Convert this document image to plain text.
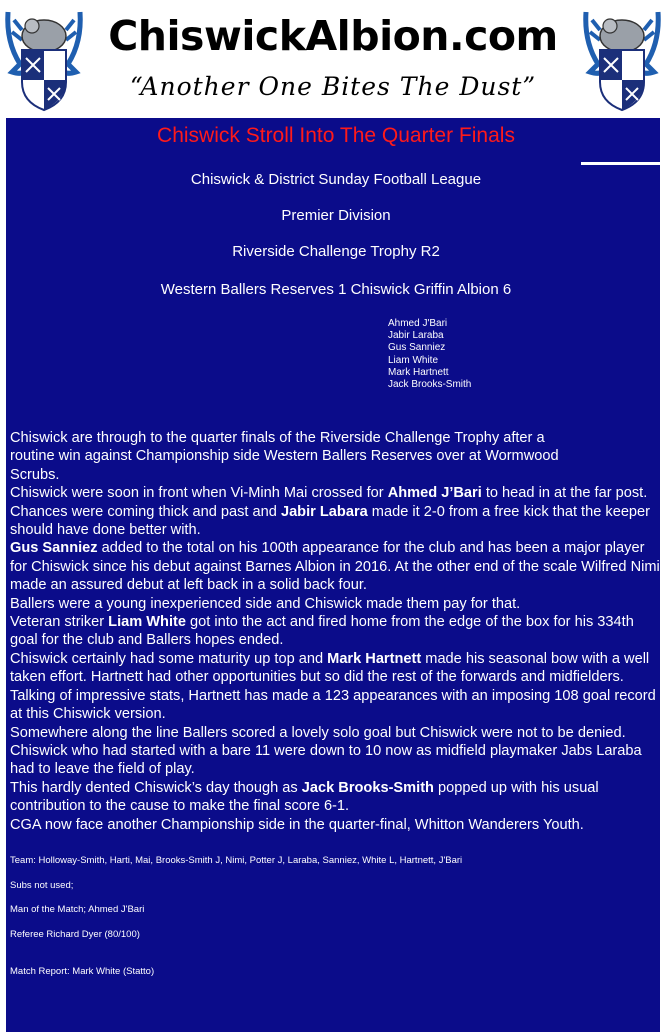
ChiswickAlbion.com
“Another One Bites The Dust”
Chiswick Stroll Into The Quarter Finals
Chiswick & District Sunday Football League
Premier Division
Riverside Challenge Trophy R2
Western Ballers Reserves 1 Chiswick Griffin Albion 6
Ahmed J'Bari
Jabir Laraba
Gus Sanniez
Liam White
Mark Hartnett
Jack Brooks-Smith

Chiswick are through to the quarter finals of the Riverside Challenge Trophy after a routine win against Championship side Western Ballers Reserves over at Wormwood Scrubs.

Chiswick were soon in front when Vi-Minh Mai crossed for Ahmed J’Bari to head in at the far post. Chances were coming thick and past and Jabir Labara made it 2-0 from a free kick that the keeper should have done better with.

Gus Sanniez added to the total on his 100th appearance for the club and has been a major player for Chiswick since his debut against Barnes Albion in 2016. At the other end of the scale Wilfred Nimi made an assured debut at left back in a solid back four.

Ballers were a young inexperienced side and Chiswick made them pay for that.

Veteran striker Liam White got into the act and fired home from the edge of the box for his 334th goal for the club and Ballers hopes ended.

Chiswick certainly had some maturity up top and Mark Hartnett made his seasonal bow with a well taken effort. Hartnett had other opportunities but so did the rest of the forwards and midfielders. Talking of impressive stats, Hartnett has made a 123 appearances with an imposing 108 goal record at this Chiswick version.

Somewhere along the line Ballers scored a lovely solo goal but Chiswick were not to be denied. Chiswick who had started with a bare 11 were down to 10 now as midfield playmaker Jabs Laraba had to leave the field of play.

This hardly dented Chiswick’s day though as Jack Brooks-Smith popped up with his usual contribution to the cause to make the final score 6-1.

CGA now face another Championship side in the quarter-final, Whitton Wanderers Youth.

Team: Holloway-Smith, Harti, Mai, Brooks-Smith J, Nimi, Potter J, Laraba, Sanniez, White L, Hartnett, J'Bari
Subs not used;
Man of the Match; Ahmed J'Bari
Referee Richard Dyer (80/100)
Match Report: Mark White (Statto)
